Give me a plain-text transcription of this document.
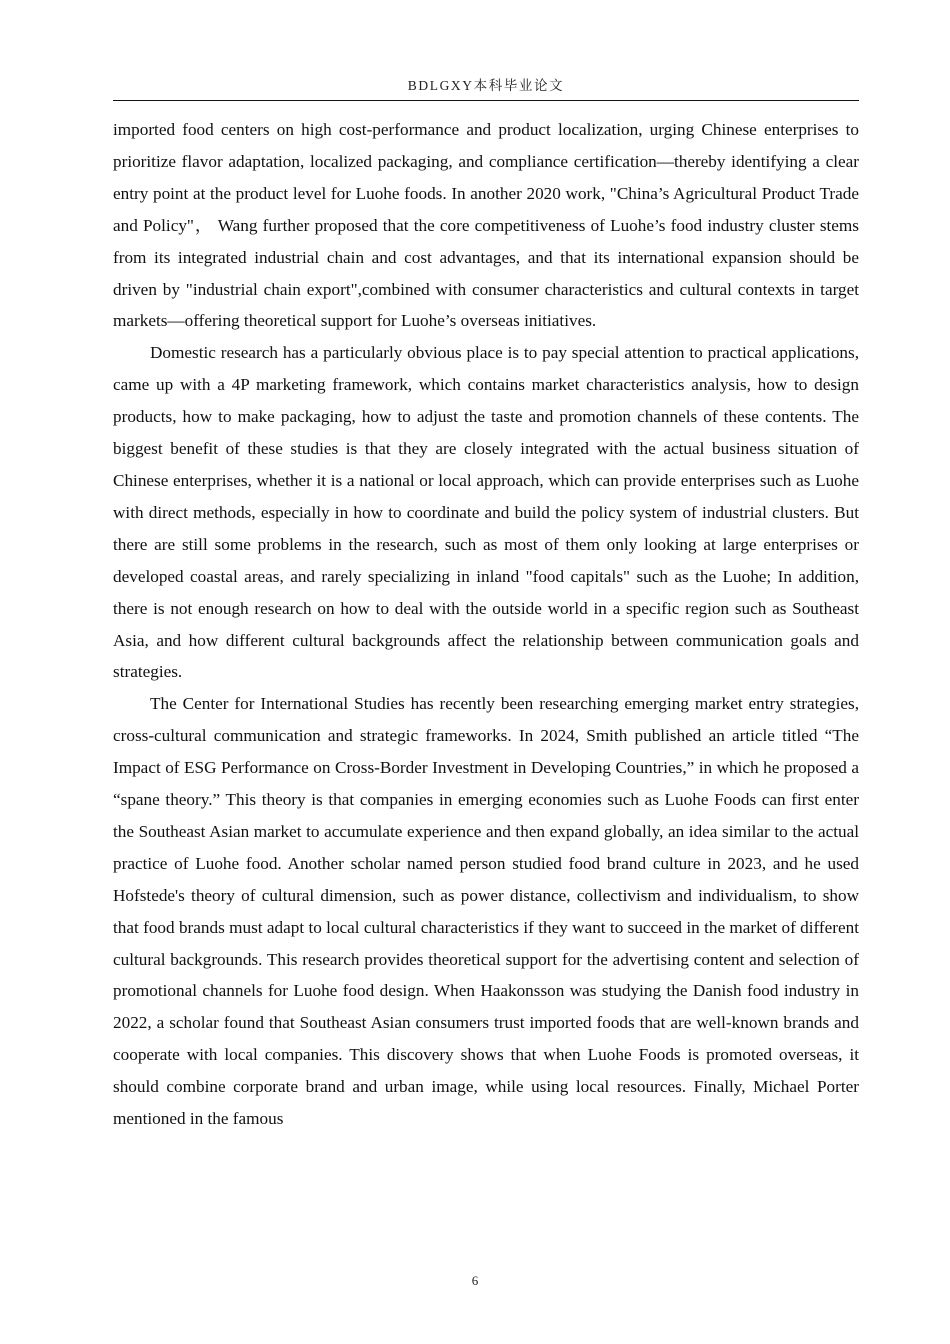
BDLGXY本科毕业论文

imported food centers on high cost-performance and product localization, urging Chinese enterprises to prioritize flavor adaptation, localized packaging, and compliance certification—thereby identifying a clear entry point at the product level for Luohe foods. In another 2020 work, "China’s Agricultural Product Trade and Policy"， Wang further proposed that the core competitiveness of Luohe’s food industry cluster stems from its integrated industrial chain and cost advantages, and that its international expansion should be driven by "industrial chain export",combined with consumer characteristics and cultural contexts in target markets—offering theoretical support for Luohe’s overseas initiatives.

Domestic research has a particularly obvious place is to pay special attention to practical applications, came up with a 4P marketing framework, which contains market characteristics analysis, how to design products, how to make packaging, how to adjust the taste and promotion channels of these contents. The biggest benefit of these studies is that they are closely integrated with the actual business situation of Chinese enterprises, whether it is a national or local approach, which can provide enterprises such as Luohe with direct methods, especially in how to coordinate and build the policy system of industrial clusters. But there are still some problems in the research, such as most of them only looking at large enterprises or developed coastal areas, and rarely specializing in inland "food capitals" such as the Luohe; In addition, there is not enough research on how to deal with the outside world in a specific region such as Southeast Asia, and how different cultural backgrounds affect the relationship between communication goals and strategies.

The Center for International Studies has recently been researching emerging market entry strategies, cross-cultural communication and strategic frameworks. In 2024, Smith published an article titled “The Impact of ESG Performance on Cross-Border Investment in Developing Countries,” in which he proposed a “spane theory.” This theory is that companies in emerging economies such as Luohe Foods can first enter the Southeast Asian market to accumulate experience and then expand globally, an idea similar to the actual practice of Luohe food. Another scholar named person studied food brand culture in 2023, and he used Hofstede's theory of cultural dimension, such as power distance, collectivism and individualism, to show that food brands must adapt to local cultural characteristics if they want to succeed in the market of different cultural backgrounds. This research provides theoretical support for the advertising content and selection of promotional channels for Luohe food design. When Haakonsson was studying the Danish food industry in 2022, a scholar found that Southeast Asian consumers trust imported foods that are well-known brands and cooperate with local companies. This discovery shows that when Luohe Foods is promoted overseas, it should combine corporate brand and urban image, while using local resources. Finally, Michael Porter mentioned in the famous

6
